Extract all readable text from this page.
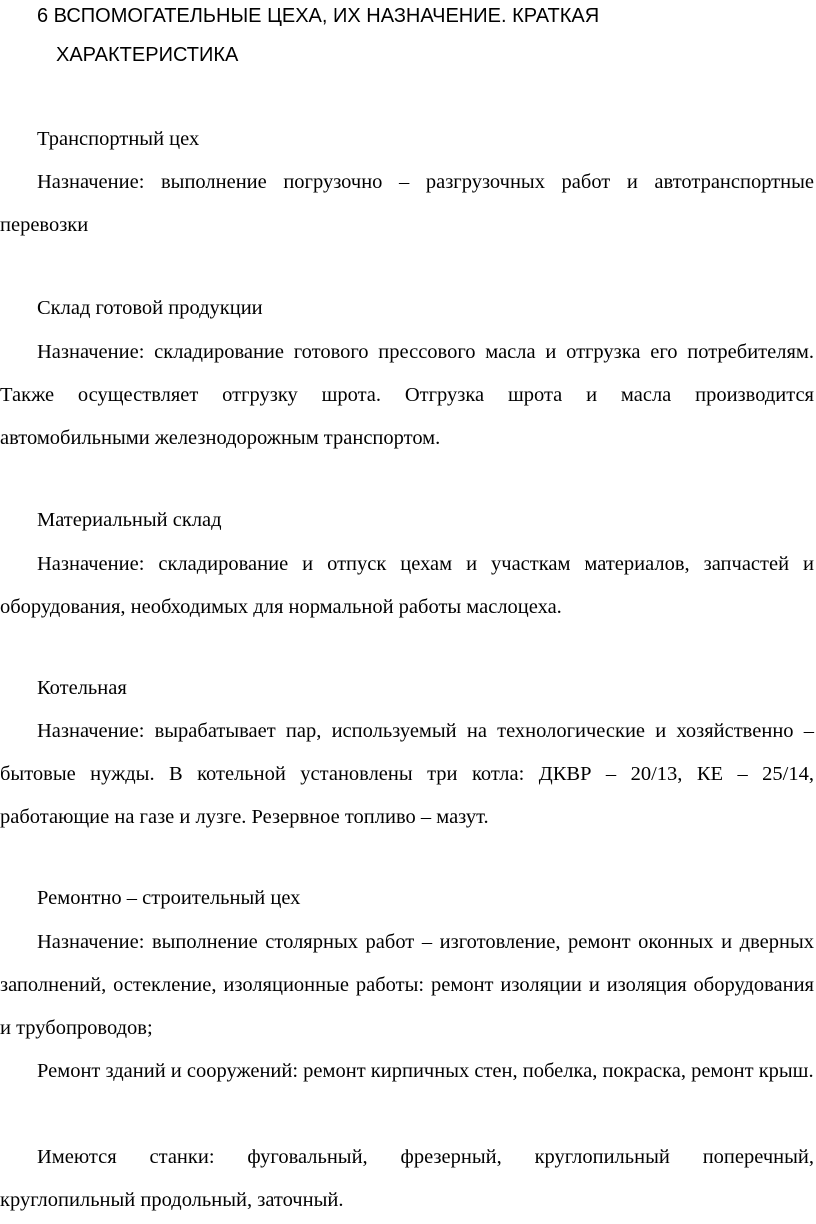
6 ВСПОМОГАТЕЛЬНЫЕ ЦЕХА, ИХ НАЗНАЧЕНИЕ. КРАТКАЯ
ХАРАКТЕРИСТИКА
Транспортный цех

Назначение: выполнение погрузочно – разгрузочных работ и автотранспортные перевозки

Склад готовой продукции

Назначение: складирование готового прессового масла и отгрузка его потребителям. Также осуществляет отгрузку шрота. Отгрузка шрота и масла производится автомобильными железнодорожным транспортом.

Материальный склад

Назначение: складирование и отпуск цехам и участкам материалов, запчастей и оборудования, необходимых для нормальной работы маслоцеха.

Котельная

Назначение: вырабатывает пар, используемый на технологические и хозяйственно – бытовые нужды. В котельной установлены три котла: ДКВР – 20/13, КЕ – 25/14, работающие на газе и лузге. Резервное топливо – мазут.

Ремонтно – строительный цех

Назначение: выполнение столярных работ – изготовление, ремонт оконных и дверных заполнений, остекление, изоляционные работы: ремонт изоляции и изоляция оборудования и трубопроводов;

Ремонт зданий и сооружений: ремонт кирпичных стен, побелка, покраска, ремонт крыш.

Имеются станки: фуговальный, фрезерный, круглопильный поперечный, круглопильный продольный, заточный.
